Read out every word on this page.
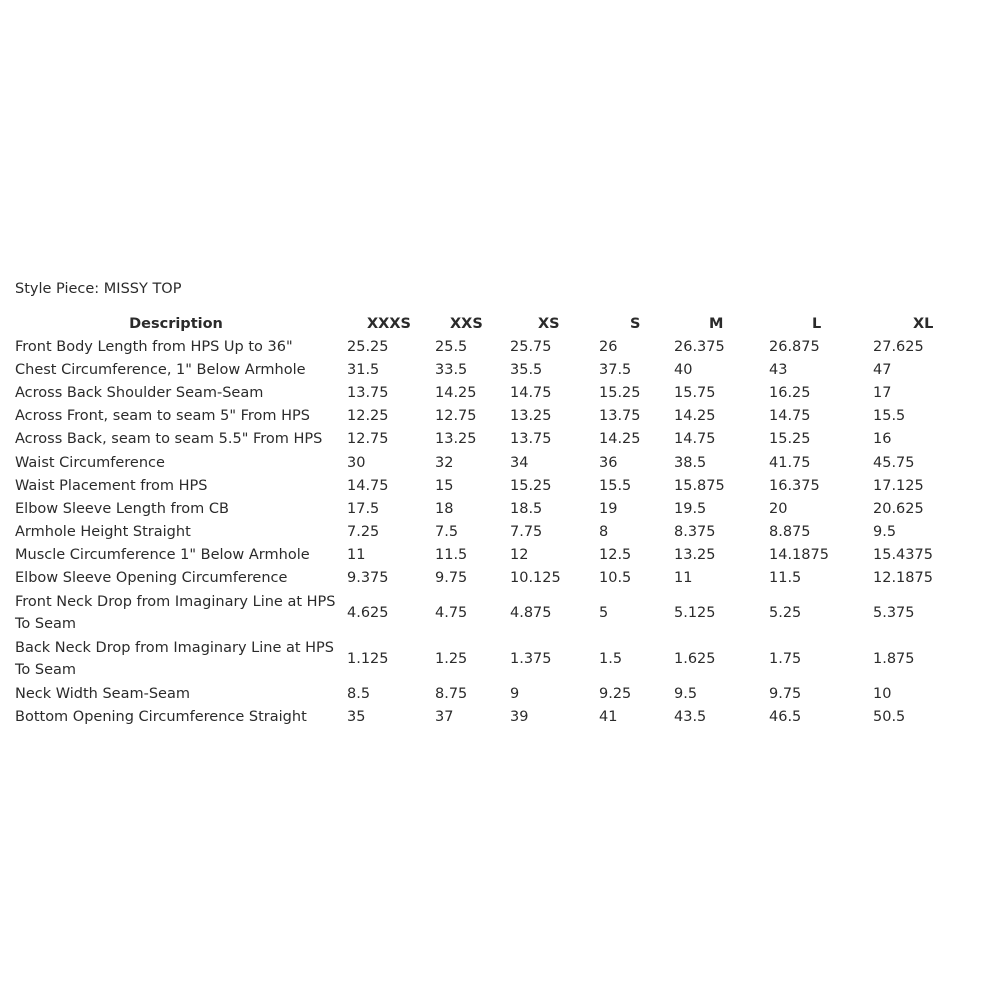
Style Piece: MISSY TOP
Description	XXXS	XXS	XS	S	M	L	XL
Front Body Length from HPS Up to 36"	25.25	25.5	25.75	26	26.375	26.875	27.625
Chest Circumference, 1" Below Armhole	31.5	33.5	35.5	37.5	40	43	47
Across Back Shoulder Seam-Seam	13.75	14.25	14.75	15.25	15.75	16.25	17
Across Front, seam to seam 5" From HPS	12.25	12.75	13.25	13.75	14.25	14.75	15.5
Across Back, seam to seam 5.5" From HPS	12.75	13.25	13.75	14.25	14.75	15.25	16
Waist Circumference	30	32	34	36	38.5	41.75	45.75
Waist Placement from HPS	14.75	15	15.25	15.5	15.875	16.375	17.125
Elbow Sleeve Length from CB	17.5	18	18.5	19	19.5	20	20.625
Armhole Height Straight	7.25	7.5	7.75	8	8.375	8.875	9.5
Muscle Circumference 1" Below Armhole	11	11.5	12	12.5	13.25	14.1875	15.4375
Elbow Sleeve Opening Circumference	9.375	9.75	10.125	10.5	11	11.5	12.1875
Front Neck Drop from Imaginary Line at HPS To Seam	4.625	4.75	4.875	5	5.125	5.25	5.375
Back Neck Drop from Imaginary Line at HPS To Seam	1.125	1.25	1.375	1.5	1.625	1.75	1.875
Neck Width Seam-Seam	8.5	8.75	9	9.25	9.5	9.75	10
Bottom Opening Circumference Straight	35	37	39	41	43.5	46.5	50.5
